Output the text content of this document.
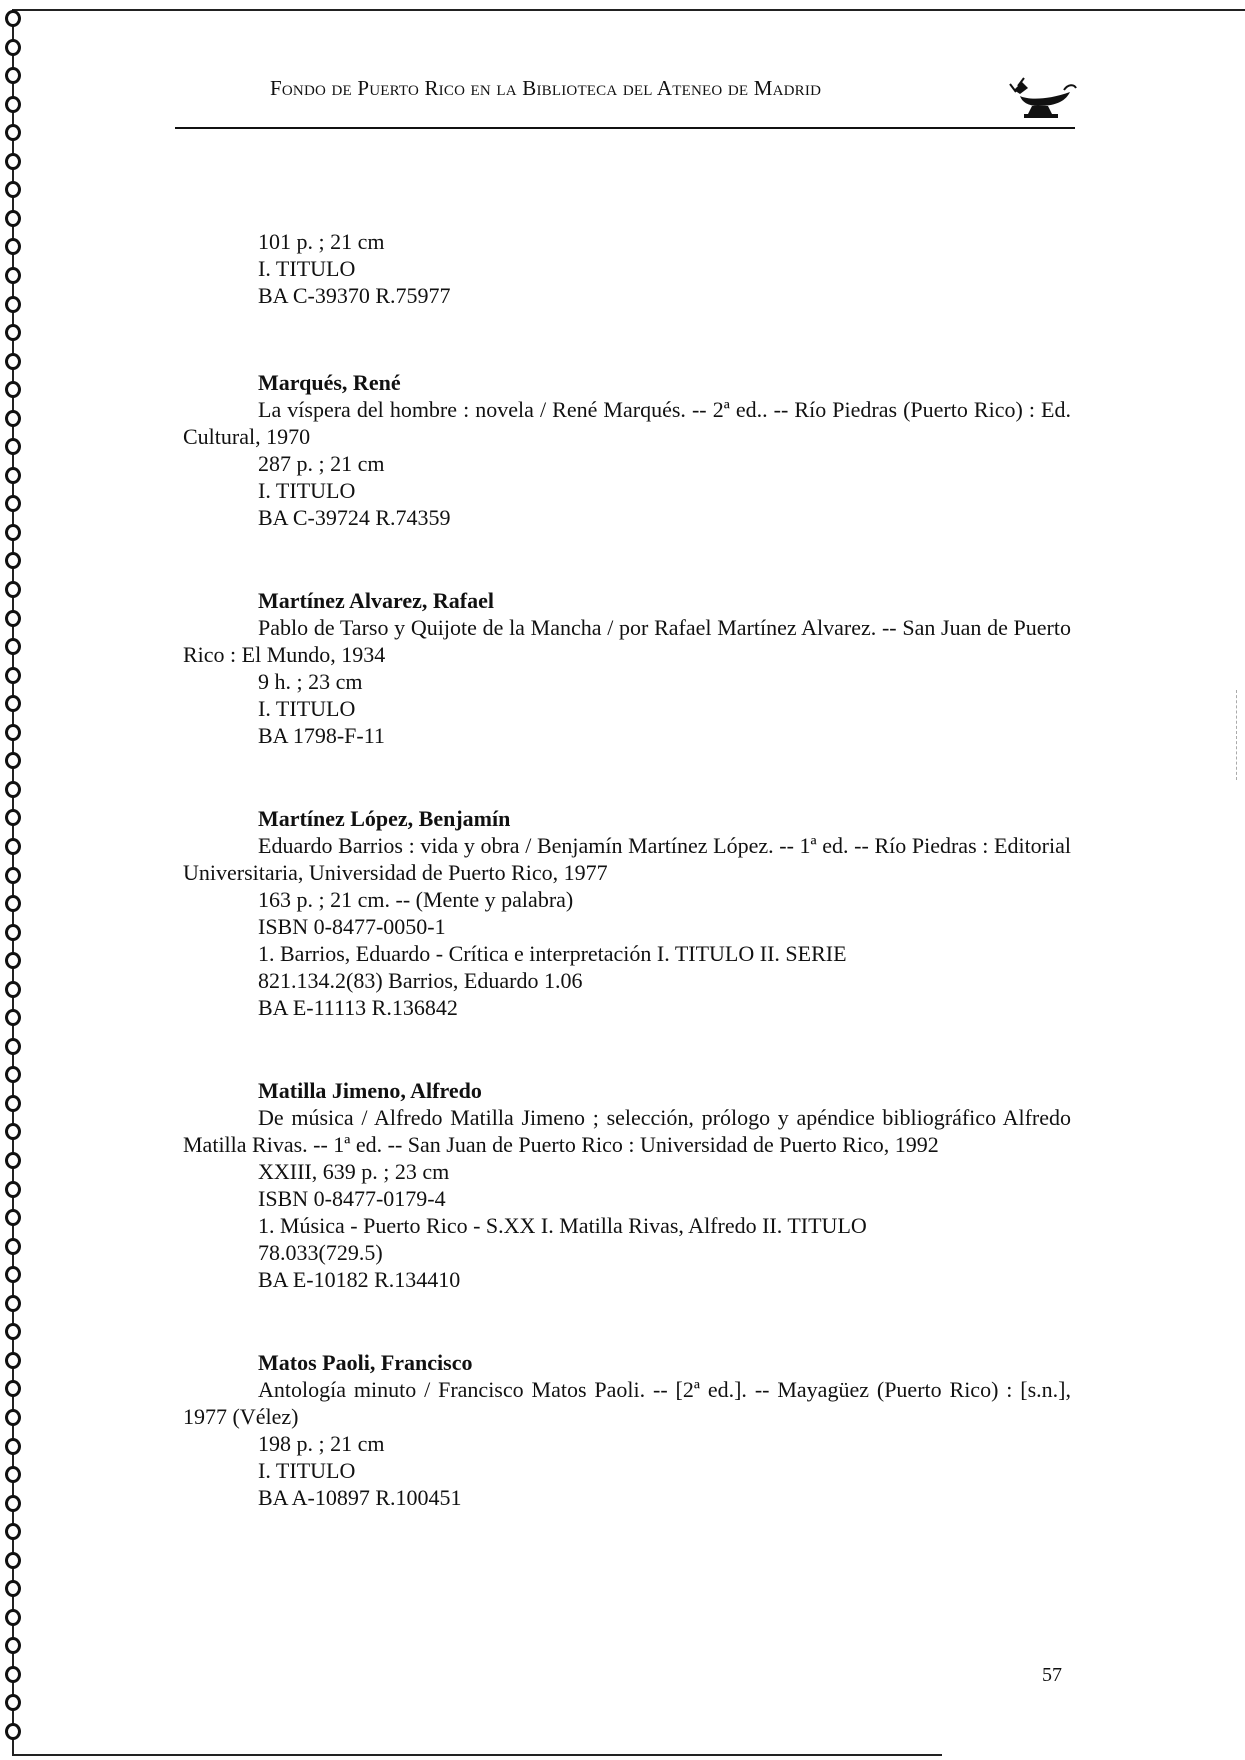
Fondo de Puerto Rico en la Biblioteca del Ateneo de Madrid
101 p. ; 21 cm
I. TITULO
BA C-39370 R.75977
Marqués, René
La víspera del hombre : novela / René Marqués. -- 2ª ed.. -- Río Piedras (Puerto Rico) : Ed. Cultural, 1970
287 p. ; 21 cm
I. TITULO
BA C-39724 R.74359
Martínez Alvarez, Rafael
Pablo de Tarso y Quijote de la Mancha / por Rafael Martínez Alvarez. -- San Juan de Puerto Rico : El Mundo, 1934
9 h. ; 23 cm
I. TITULO
BA 1798-F-11
Martínez López, Benjamín
Eduardo Barrios : vida y obra / Benjamín Martínez López. -- 1ª ed. -- Río Piedras : Editorial Universitaria, Universidad de Puerto Rico, 1977
163 p. ; 21 cm. -- (Mente y palabra)
ISBN 0-8477-0050-1
1. Barrios, Eduardo - Crítica e interpretación I. TITULO II. SERIE
821.134.2(83) Barrios, Eduardo 1.06
BA E-11113 R.136842
Matilla Jimeno, Alfredo
De música / Alfredo Matilla Jimeno ; selección, prólogo y apéndice bibliográfico Alfredo Matilla Rivas. -- 1ª ed. -- San Juan de Puerto Rico : Universidad de Puerto Rico, 1992
XXIII, 639 p. ; 23 cm
ISBN 0-8477-0179-4
1. Música - Puerto Rico - S.XX I. Matilla Rivas, Alfredo II. TITULO
78.033(729.5)
BA E-10182 R.134410
Matos Paoli, Francisco
Antología minuto / Francisco Matos Paoli. -- [2ª ed.]. -- Mayagüez (Puerto Rico) : [s.n.], 1977 (Vélez)
198 p. ; 21 cm
I. TITULO
BA A-10897 R.100451
57
